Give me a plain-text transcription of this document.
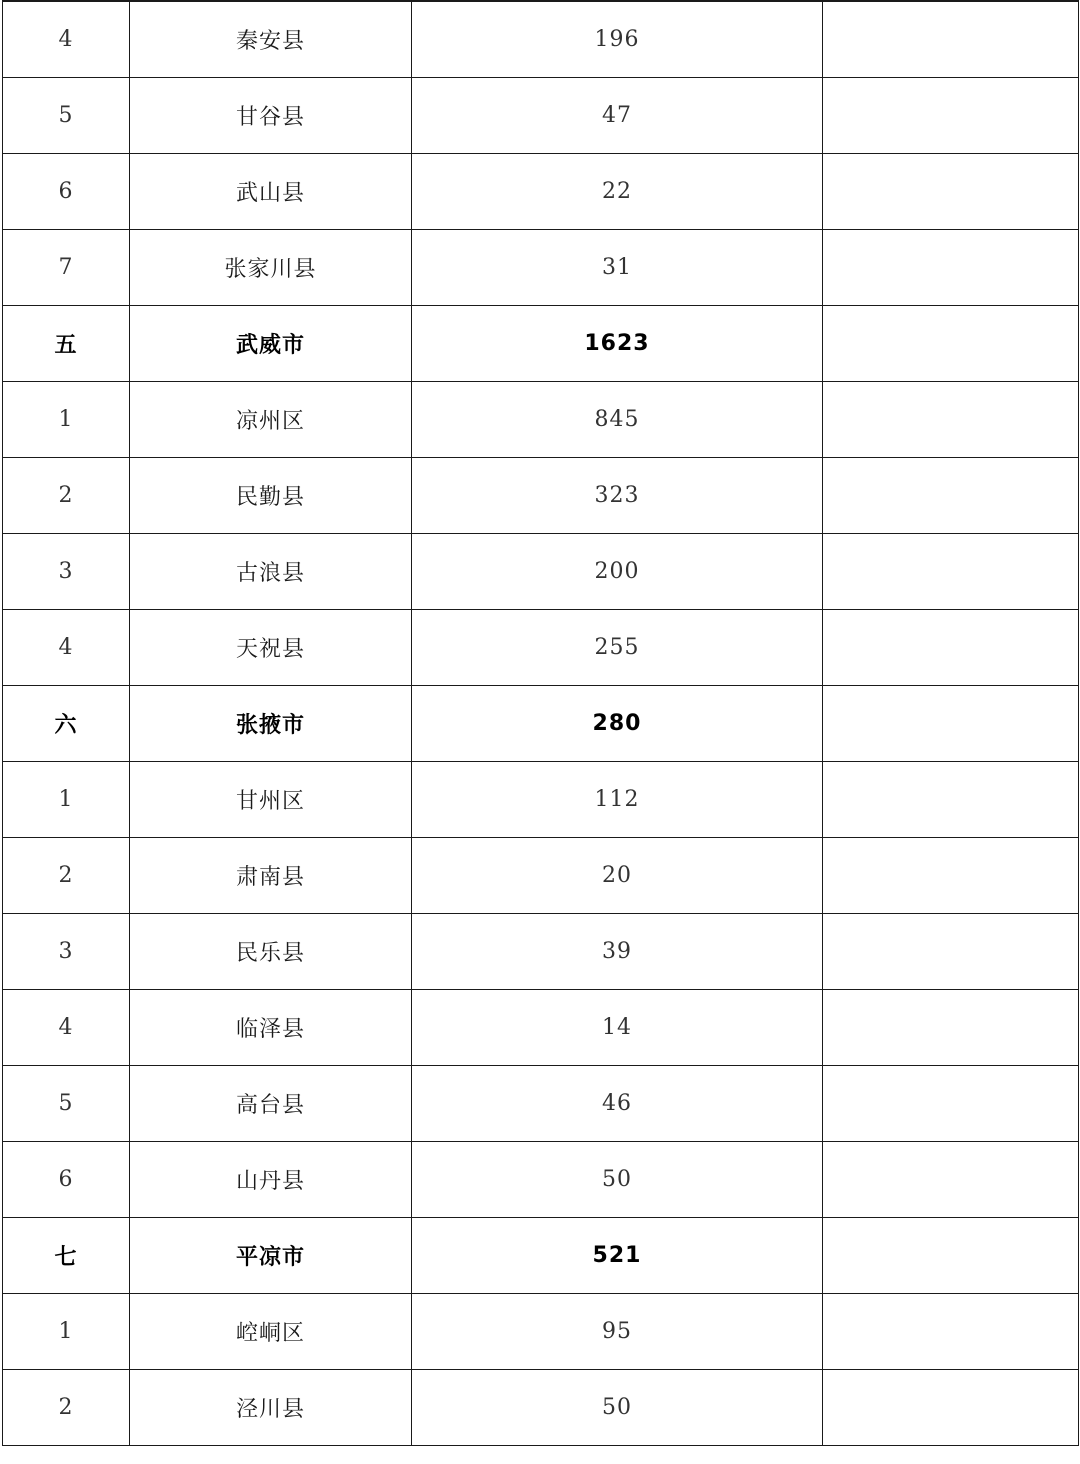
4	秦安县	196	
5	甘谷县	47	
6	武山县	22	
7	张家川县	31	
五	武威市	1623	
1	凉州区	845	
2	民勤县	323	
3	古浪县	200	
4	天祝县	255	
六	张掖市	280	
1	甘州区	112	
2	肃南县	20	
3	民乐县	39	
4	临泽县	14	
5	高台县	46	
6	山丹县	50	
七	平凉市	521	
1	崆峒区	95	
2	泾川县	50	
